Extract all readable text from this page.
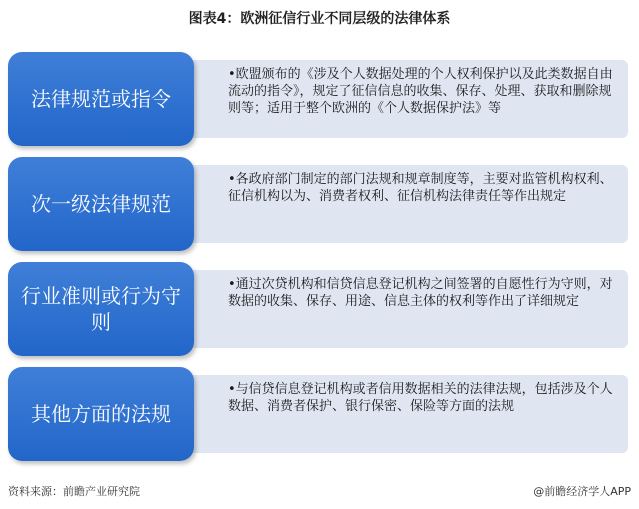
图表4：欧洲征信行业不同层级的法律体系
•欧盟颁布的《涉及个人数据处理的个人权利保护以及此类数据自由流动的指令》，规定了征信信息的收集、保存、处理、获取和删除规则等；适用于整个欧洲的《个人数据保护法》等
法律规范或指令
•各政府部门制定的部门法规和规章制度等，主要对监管机构权利、征信机构以为、消费者权利、征信机构法律责任等作出规定
次一级法律规范
•通过次贷机构和信贷信息登记机构之间签署的自愿性行为守则，对数据的收集、保存、用途、信息主体的权利等作出了详细规定
行业准则或行为守则
•与信贷信息登记机构或者信用数据相关的法律法规，包括涉及个人数据、消费者保护、银行保密、保险等方面的法规
其他方面的法规
资料来源：前瞻产业研究院	@前瞻经济学人APP
